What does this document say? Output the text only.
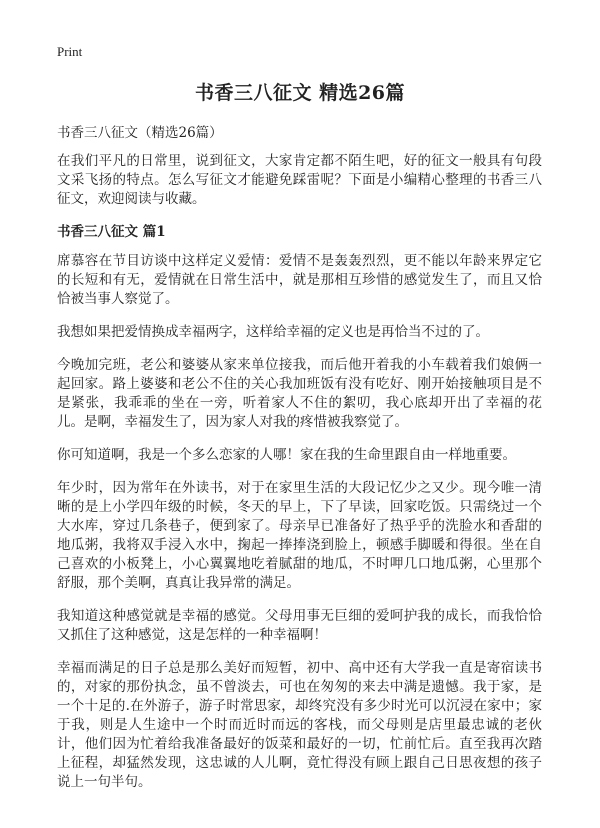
Print
书香三八征文 精选26篇

书香三八征文（精选26篇）

在我们平凡的日常里，说到征文，大家肯定都不陌生吧，好的征文一般具有句段文采飞扬的特点。怎么写征文才能避免踩雷呢？下面是小编精心整理的书香三八征文，欢迎阅读与收藏。

书香三八征文 篇1

席慕容在节目访谈中这样定义爱情：爱情不是轰轰烈烈，更不能以年龄来界定它的长短和有无，爱情就在日常生活中，就是那相互珍惜的感觉发生了，而且又恰恰被当事人察觉了。

我想如果把爱情换成幸福两字，这样给幸福的定义也是再恰当不过的了。

今晚加完班，老公和婆婆从家来单位接我，而后他开着我的小车载着我们娘俩一起回家。路上婆婆和老公不住的关心我加班饭有没有吃好、刚开始接触项目是不是紧张，我乖乖的坐在一旁，听着家人不住的絮叨，我心底却开出了幸福的花儿。是啊，幸福发生了，因为家人对我的疼惜被我察觉了。

你可知道啊，我是一个多么恋家的人哪！家在我的生命里跟自由一样地重要。

年少时，因为常年在外读书，对于在家里生活的大段记忆少之又少。现今唯一清晰的是上小学四年级的时候，冬天的早上，下了早读，回家吃饭。只需绕过一个大水库，穿过几条巷子，便到家了。母亲早已准备好了热乎乎的洗脸水和香甜的地瓜粥，我将双手浸入水中，掬起一捧捧浇到脸上，顿感手脚暖和得很。坐在自己喜欢的小板凳上，小心翼翼地吃着腻甜的地瓜，不时呷几口地瓜粥，心里那个舒服，那个美啊，真真让我异常的满足。

我知道这种感觉就是幸福的感觉。父母用事无巨细的爱呵护我的成长，而我恰恰又抓住了这种感觉，这是怎样的一种幸福啊！

幸福而满足的日子总是那么美好而短暂，初中、高中还有大学我一直是寄宿读书的，对家的那份执念，虽不曾淡去，可也在匆匆的来去中满是遗憾。我于家，是一个十足的.在外游子，游子时常思家，却终究没有多少时光可以沉浸在家中；家于我，则是人生途中一个时而近时而远的客栈，而父母则是店里最忠诚的老伙计，他们因为忙着给我准备最好的饭菜和最好的一切，忙前忙后。直至我再次踏上征程，却猛然发现，这忠诚的人儿啊，竟忙得没有顾上跟自己日思夜想的孩子说上一句半句。
